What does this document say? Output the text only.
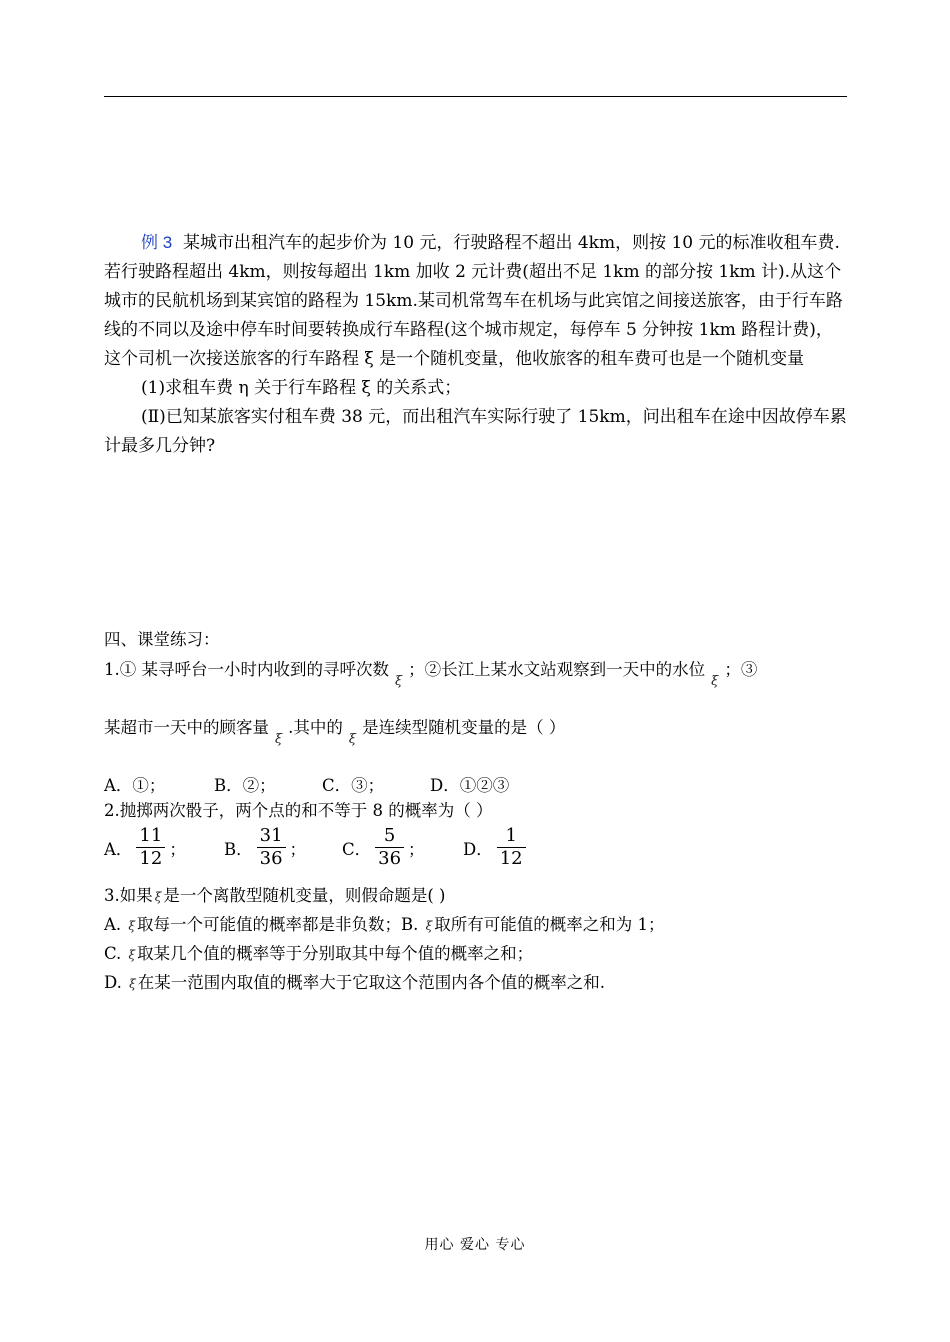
例 3 某城市出租汽车的起步价为 10 元，行驶路程不超出 4km，则按 10 元的标准收租车费.若行驶路程超出 4km，则按每超出 1km 加收 2 元计费(超出不足 1km 的部分按 1km 计).从这个城市的民航机场到某宾馆的路程为 15km.某司机常驾车在机场与此宾馆之间接送旅客，由于行车路线的不同以及途中停车时间要转换成行车路程(这个城市规定，每停车 5 分钟按 1km 路程计费)，这个司机一次接送旅客的行车路程 ξ 是一个随机变量，他收旅客的租车费可也是一个随机变量

(1)求租车费 η 关于行车路程 ξ 的关系式；

(Ⅱ)已知某旅客实付租车费 38 元，而出租汽车实际行驶了 15km，问出租车在途中因故停车累计最多几分钟?

四、课堂练习：

1.① 某寻呼台一小时内收到的寻呼次数ξ；②长江上某水文站观察到一天中的水位ξ；③

某超市一天中的顾客量ξ.其中的ξ是连续型随机变量的是（ ）

A．①；	B．②；	C．③；	D．①②③

2.抛掷两次骰子，两个点的和不等于 8 的概率为（ ）

A． $\frac{11}{12}$ ； B． $\frac{31}{36}$ ； C． $\frac{5}{36}$ ； D． $\frac{1}{12}$

3.如果 ξ 是一个离散型随机变量，则假命题是( )

A. ξ 取每一个可能值的概率都是非负数；B. ξ 取所有可能值的概率之和为 1；

C. ξ 取某几个值的概率等于分别取其中每个值的概率之和；

D. ξ 在某一范围内取值的概率大于它取这个范围内各个值的概率之和.

用心 爱心 专心
